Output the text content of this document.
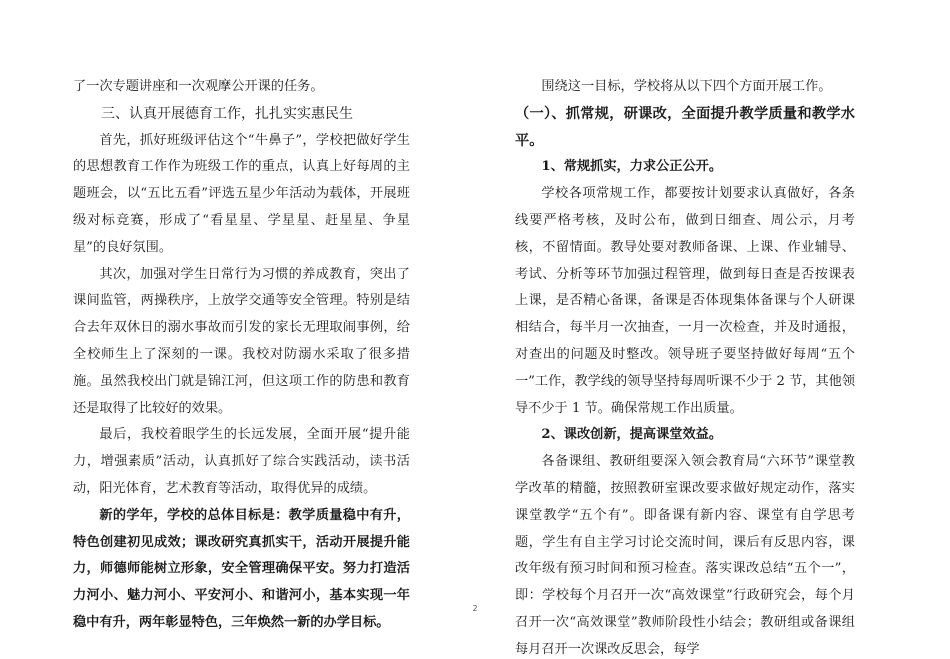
了一次专题讲座和一次观摩公开课的任务。

三、认真开展德育工作，扎扎实实惠民生

首先，抓好班级评估这个“牛鼻子”，学校把做好学生的思想教育工作作为班级工作的重点，认真上好每周的主题班会，以“五比五看”评选五星少年活动为载体，开展班级对标竞赛，形成了“看星星、学星星、赶星星、争星星”的良好氛围。

其次，加强对学生日常行为习惯的养成教育，突出了课间监管，两操秩序，上放学交通等安全管理。特别是结合去年双休日的溺水事故而引发的家长无理取闹事例，给全校师生上了深刻的一课。我校对防溺水采取了很多措施。虽然我校出门就是锦江河，但这项工作的防患和教育还是取得了比较好的效果。

最后，我校着眼学生的长远发展，全面开展“提升能力，增强素质”活动，认真抓好了综合实践活动，读书活动，阳光体育，艺术教育等活动，取得优异的成绩。

新的学年，学校的总体目标是：教学质量稳中有升，特色创建初见成效；课改研究真抓实干，活动开展提升能力，师德师能树立形象，安全管理确保平安。努力打造活力河小、魅力河小、平安河小、和谐河小，基本实现一年稳中有升，两年彰显特色，三年焕然一新的办学目标。

围绕这一目标，学校将从以下四个方面开展工作。

（一）、抓常规，研课改，全面提升教学质量和教学水平。

1、常规抓实，力求公正公开。

学校各项常规工作，都要按计划要求认真做好，各条线要严格考核，及时公布，做到日细查、周公示，月考核，不留情面。教导处要对教师备课、上课、作业辅导、考试、分析等环节加强过程管理，做到每日查是否按课表上课，是否精心备课，备课是否体现集体备课与个人研课相结合，每半月一次抽查，一月一次检查，并及时通报，对查出的问题及时整改。领导班子要坚持做好每周“五个一”工作，教学线的领导坚持每周听课不少于 2 节，其他领导不少于 1 节。确保常规工作出质量。

2、课改创新，提高课堂效益。

各备课组、教研组要深入领会教育局“六环节”课堂教学改革的精髓，按照教研室课改要求做好规定动作，落实课堂教学“五个有”。即备课有新内容、课堂有自学思考题，学生有自主学习讨论交流时间，课后有反思内容，课改年级有预习时间和预习检查。落实课改总结“五个一”，即：学校每个月召开一次“高效课堂”行政研究会，每个月召开一次“高效课堂”教师阶段性小结会；教研组或备课组每月召开一次课改反思会，每学

2
